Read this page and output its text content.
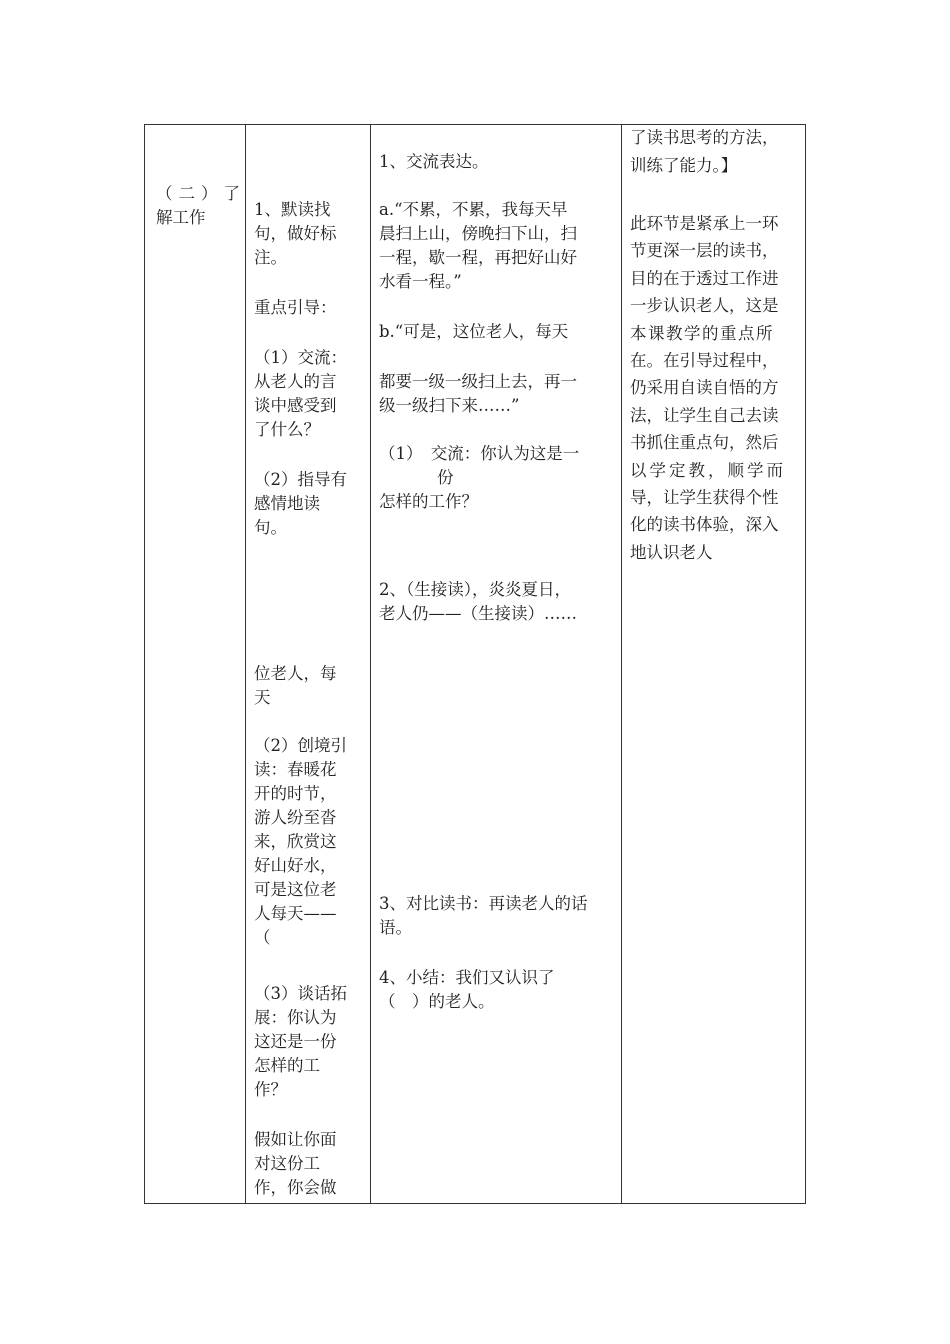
（二）了

解工作	1、默读找

句，做好标

注。

重点引导：

（1）交流：

从老人的言

谈中感受到

了什么？

（2）指导有

感情地读

句。

位老人，每

天

（2）创境引

读：春暖花

开的时节，

游人纷至沓

来，欣赏这

好山好水，

可是这位老

人每天——

（

（3）谈话拓

展：你认为

这还是一份

怎样的工

作？

假如让你面

对这份工

作，你会做

1、交流表达。

a.“不累，不累，我每天早

晨扫上山，傍晚扫下山，扫

一程，歇一程，再把好山好

水看一程。”

b.“可是，这位老人，每天

都要一级一级扫上去，再一

级一级扫下来……”

（1）　交流：你认为这是一

份

怎样的工作？

2、（生接读），炎炎夏日，

老人仍——（生接读）……

3、对比读书：再读老人的话

语。

4、小结：我们又认识了

（　）的老人。

了读书思考的方法，

训练了能力。】

此环节是紧承上一环

节更深一层的读书，

目的在于透过工作进

一步认识老人，这是

本课教学的重点所

在。在引导过程中，

仍采用自读自悟的方

法，让学生自己去读

书抓住重点句，然后

以学定教，顺学而

导，让学生获得个性

化的读书体验，深入

地认识老人
